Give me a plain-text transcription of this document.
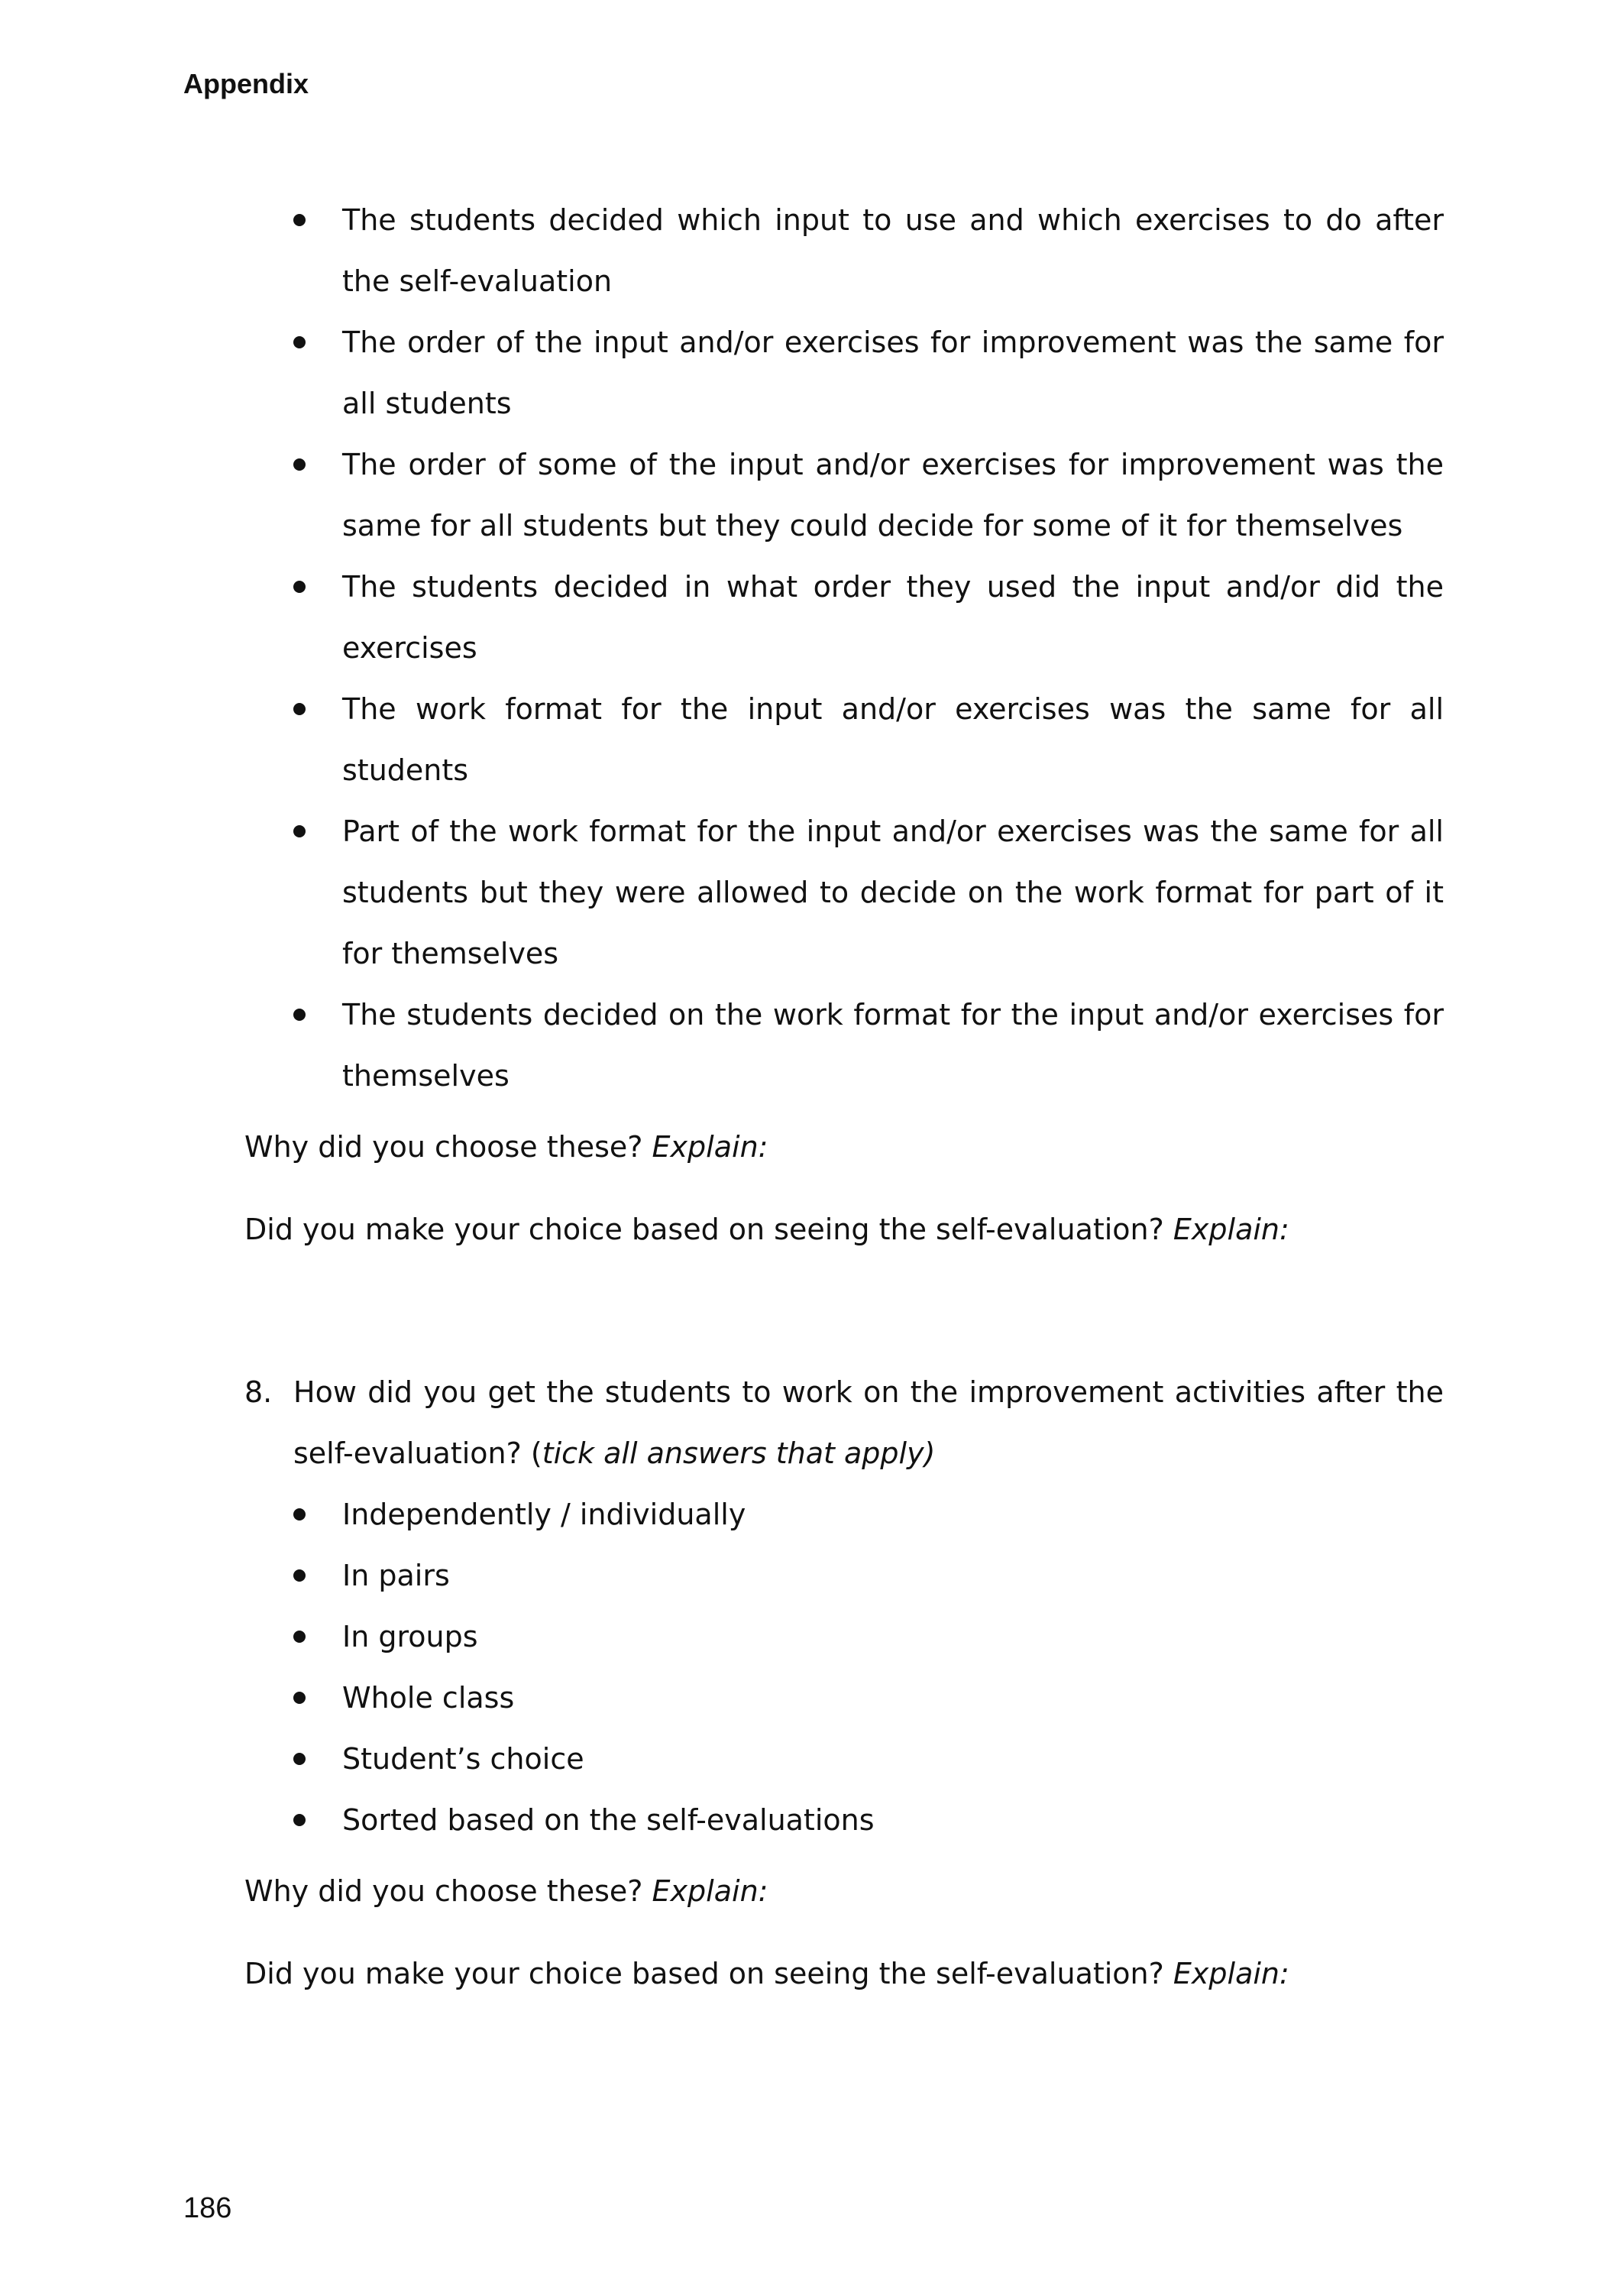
Appendix
The students decided which input to use and which exercises to do after the self-evaluation
The order of the input and/or exercises for improvement was the same for all students
The order of some of the input and/or exercises for improvement was the same for all students but they could decide for some of it for themselves
The students decided in what order they used the input and/or did the exercises
The work format for the input and/or exercises was the same for all students
Part of the work format for the input and/or exercises was the same for all students but they were allowed to decide on the work format for part of it for themselves
The students decided on the work format for the input and/or exercises for themselves

Why did you choose these? Explain:

Did you make your choice based on seeing the self-evaluation? Explain:

8. How did you get the students to work on the improvement activities after the self-evaluation? (tick all answers that apply)

Independently / individually
In pairs
In groups
Whole class
Student’s choice
Sorted based on the self-evaluations

Why did you choose these? Explain:

Did you make your choice based on seeing the self-evaluation? Explain:

186
